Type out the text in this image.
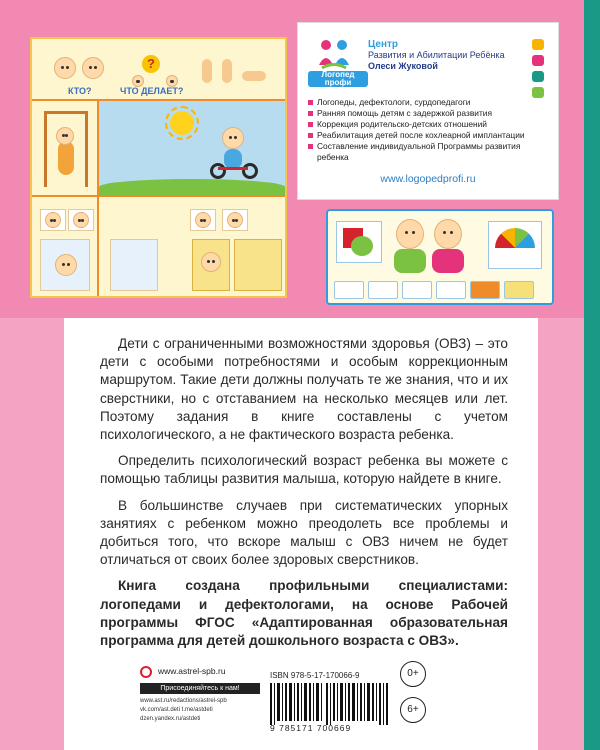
?
КТО?	ЧТО ДЕЛАЕТ?
Логопед профи
Центр
Развития и Абилитации Ребёнка
Олеси Жуковой
Логопеды, дефектологи, сурдопедагоги
Ранняя помощь детям с задержкой развития
Коррекция родительско-детских отношений
Реабилитация детей после кохлеарной имплантации
Составление индивидуальной Программы развития ребенка
www.logopedprofi.ru

Дети с ограниченными возможностями здоровья (ОВЗ) – это дети с особыми потребностями и особым коррекционным маршрутом. Такие дети должны получать те же знания, что и их сверстники, но с отставанием на несколько месяцев или лет. Поэтому задания в книге составлены с учетом психологического, а не фактического возраста ребенка.

Определить психологический возраст ребенка вы можете с помощью таблицы развития малыша, которую найдете в книге.

В большинстве случаев при систематических упорных занятиях с ребенком можно преодолеть все проблемы и добиться того, что вскоре малыш с ОВЗ ничем не будет отличаться от своих более здоровых сверстников.

Книга создана профильными специалистами: логопедами и дефектологами, на основе Рабочей программы ФГОС «Адаптированная образовательная программа для детей дошкольного возраста с ОВЗ».

www.astrel-spb.ru
Присоединяйтесь к нам!
www.ast.ru/redactions/astrel-spb
vk.com/ast.deti t.me/astdeti
dzen.yandex.ru/astdeti
ISBN 978-5-17-170066-9
9 785171 700669
0+
6+
